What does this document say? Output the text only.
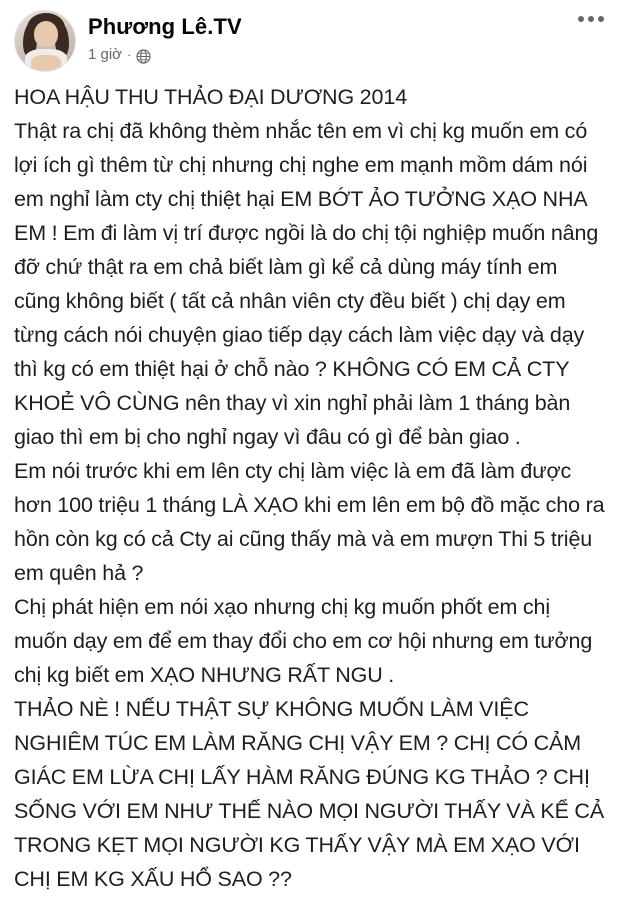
Phương Lê.TV
1 giờ ·

HOA HẬU THU THẢO ĐẠI DƯƠNG 2014

Thật ra chị đã không thèm nhắc tên em vì chị kg muốn em có lợi ích gì thêm từ chị nhưng chị nghe em mạnh mồm dám nói em nghỉ làm cty chị thiệt hại EM BỚT ẢO TƯỞNG XẠO NHA EM ! Em đi làm vị trí được ngồi là do chị tội nghiệp muốn nâng đỡ chứ thật ra em chả biết làm gì kể cả dùng máy tính em cũng không biết ( tất cả nhân viên cty đều biết ) chị dạy em từng cách nói chuyện giao tiếp dạy cách làm việc dạy và dạy thì kg có em thiệt hại ở chỗ nào ? KHÔNG CÓ EM CẢ CTY KHOẺ VÔ CÙNG nên thay vì xin nghỉ phải làm 1 tháng bàn giao thì em bị cho nghỉ ngay vì đâu có gì để bàn giao .

Em nói trước khi em lên cty chị làm việc là em đã làm được hơn 100 triệu 1 tháng LÀ XẠO khi em lên em bộ đồ mặc cho ra hồn còn kg có cả Cty ai cũng thấy mà và em mượn Thi 5 triệu em quên hả ?

Chị phát hiện em nói xạo nhưng chị kg muốn phốt em chị muốn dạy em để em thay đổi cho em cơ hội nhưng em tưởng chị kg biết em XẠO NHƯNG RẤT NGU .

THẢO NÈ ! NẾU THẬT SỰ KHÔNG MUỐN LÀM VIỆC NGHIÊM TÚC EM LÀM RĂNG CHỊ VẬY EM ? CHỊ CÓ CẢM GIÁC EM LỪA CHỊ LẤY HÀM RĂNG ĐÚNG KG THẢO ? CHỊ SỐNG VỚI EM NHƯ THẾ NÀO MỌI NGƯỜI THẤY VÀ KỂ CẢ TRONG KẸT MỌI NGƯỜI KG THẤY VẬY MÀ EM XẠO VỚI CHỊ EM KG XẤU HỔ SAO ??
